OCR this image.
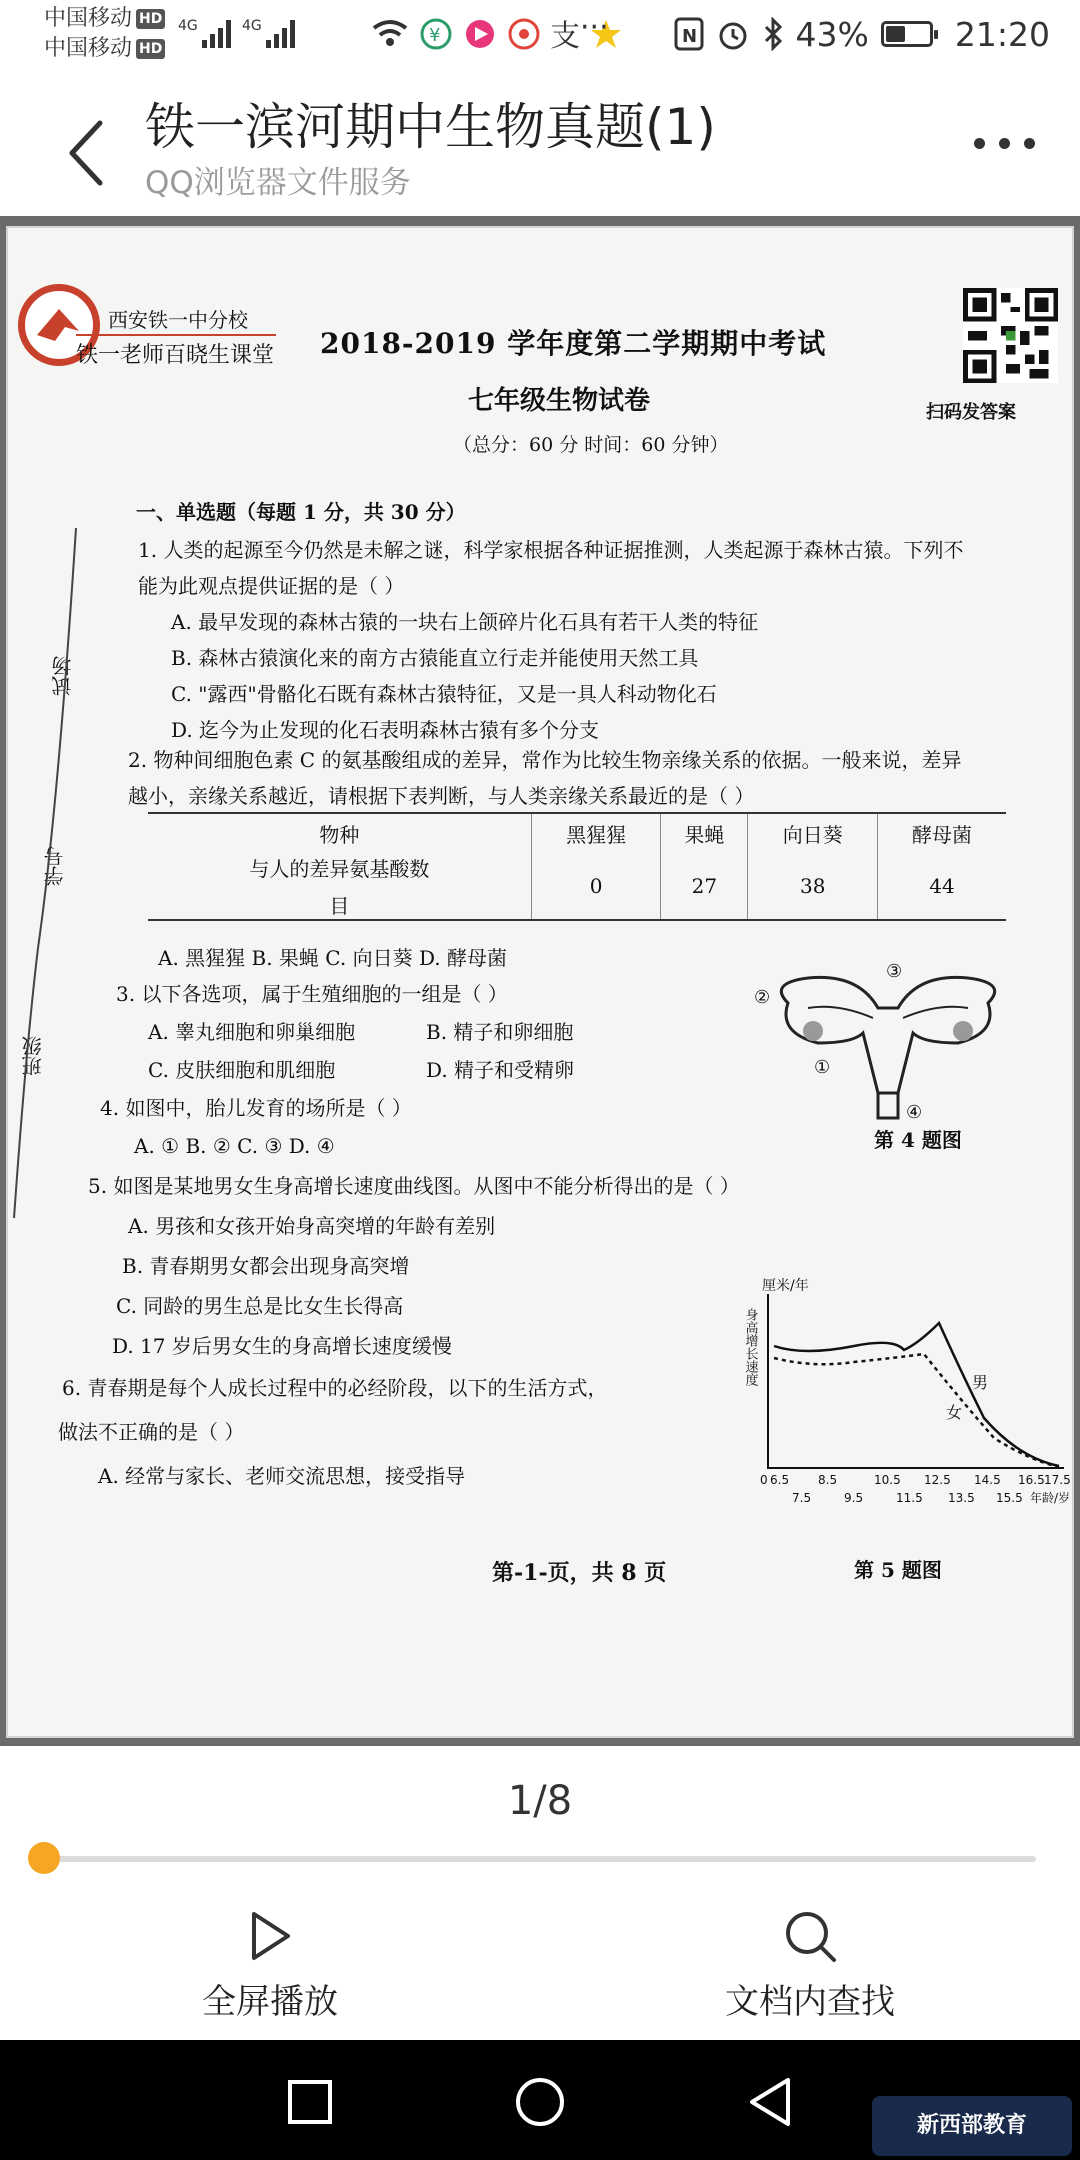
中国移动 HD
中国移动 HD
4G	4G	¥	支 ···	N	43%	21:20
铁一滨河期中生物真题(1)
QQ浏览器文件服务
西安铁一中分校
铁一老师百晓生课堂 2018-2019 学年度第二学期期中考试
七年级生物试卷
（总分：60 分 时间：60 分钟）
扫码发答案
试场
学号
班级
一、单选题（每题 1 分，共 30 分）
1. 人类的起源至今仍然是未解之谜，科学家根据各种证据推测，人类起源于森林古猿。下列不
能为此观点提供证据的是（ ）
A. 最早发现的森林古猿的一块右上颌碎片化石具有若干人类的特征
B. 森林古猿演化来的南方古猿能直立行走并能使用天然工具
C. "露西"骨骼化石既有森林古猿特征，又是一具人科动物化石
D. 迄今为止发现的化石表明森林古猿有多个分支
2. 物种间细胞色素 C 的氨基酸组成的差异，常作为比较生物亲缘关系的依据。一般来说，差异
越小，亲缘关系越近，请根据下表判断，与人类亲缘关系最近的是（ ）
物种	黑猩猩	果蝇	向日葵	酵母菌

与人的差异氨基酸数
目	0	27	38	44
A. 黑猩猩 B. 果蝇 C. 向日葵 D. 酵母菌
3. 以下各选项，属于生殖细胞的一组是（ ）
A. 睾丸细胞和卵巢细胞	B. 精子和卵细胞
C. 皮肤细胞和肌细胞	D. 精子和受精卵
4. 如图中，胎儿发育的场所是（ ）
A. ① B. ② C. ③ D. ④
③
②
①
④
第 4 题图
5. 如图是某地男女生身高增长速度曲线图。从图中不能分析得出的是（ ）
A. 男孩和女孩开始身高突增的年龄有差别
B. 青春期男女都会出现身高突增
C. 同龄的男生总是比女生长得高
D. 17 岁后男女生的身高增长速度缓慢
6. 青春期是每个人成长过程中的必经阶段，以下的生活方式，
做法不正确的是（ ）
A. 经常与家长、老师交流思想，接受指导
厘米/年
身高增长速度	男
女
0 6.5 8.5	10.5 12.5 14.5 16.5 17.5
7.5	9.5	11.5 13.5 15.5 年龄/岁
第 5 题图
第-1-页，共 8 页
1/8
全屏播放	文档内查找
新西部教育
